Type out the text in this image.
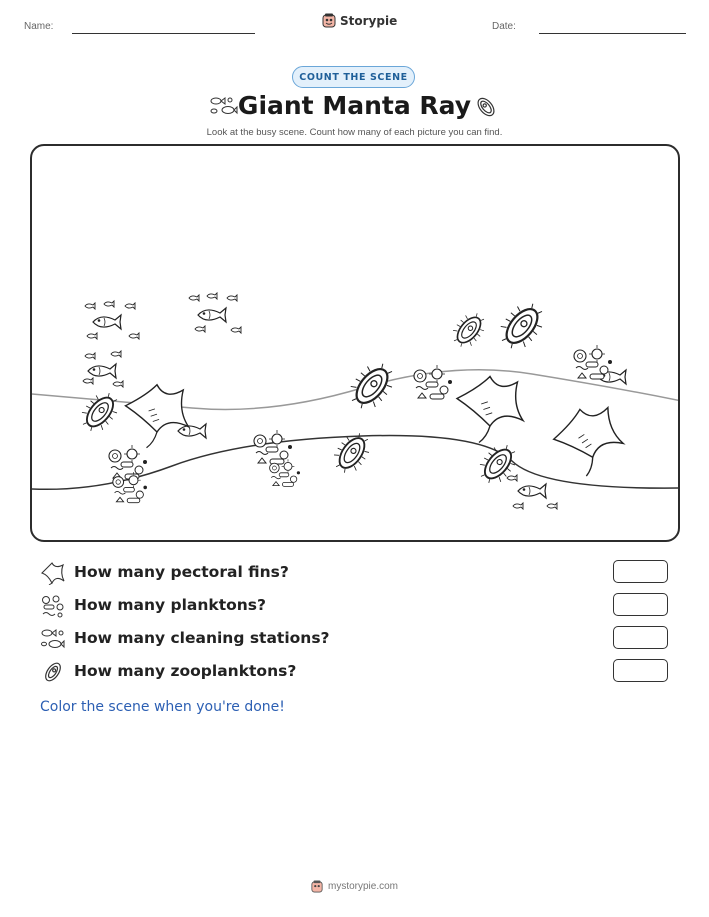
Name:	Storypie	Date:
COUNT THE SCENE
Giant Manta Ray
Look at the busy scene. Count how many of each picture you can find.
How many pectoral fins?
How many planktons?
How many cleaning stations?
How many zooplanktons?
Color the scene when you're done!
mystorypie.com
